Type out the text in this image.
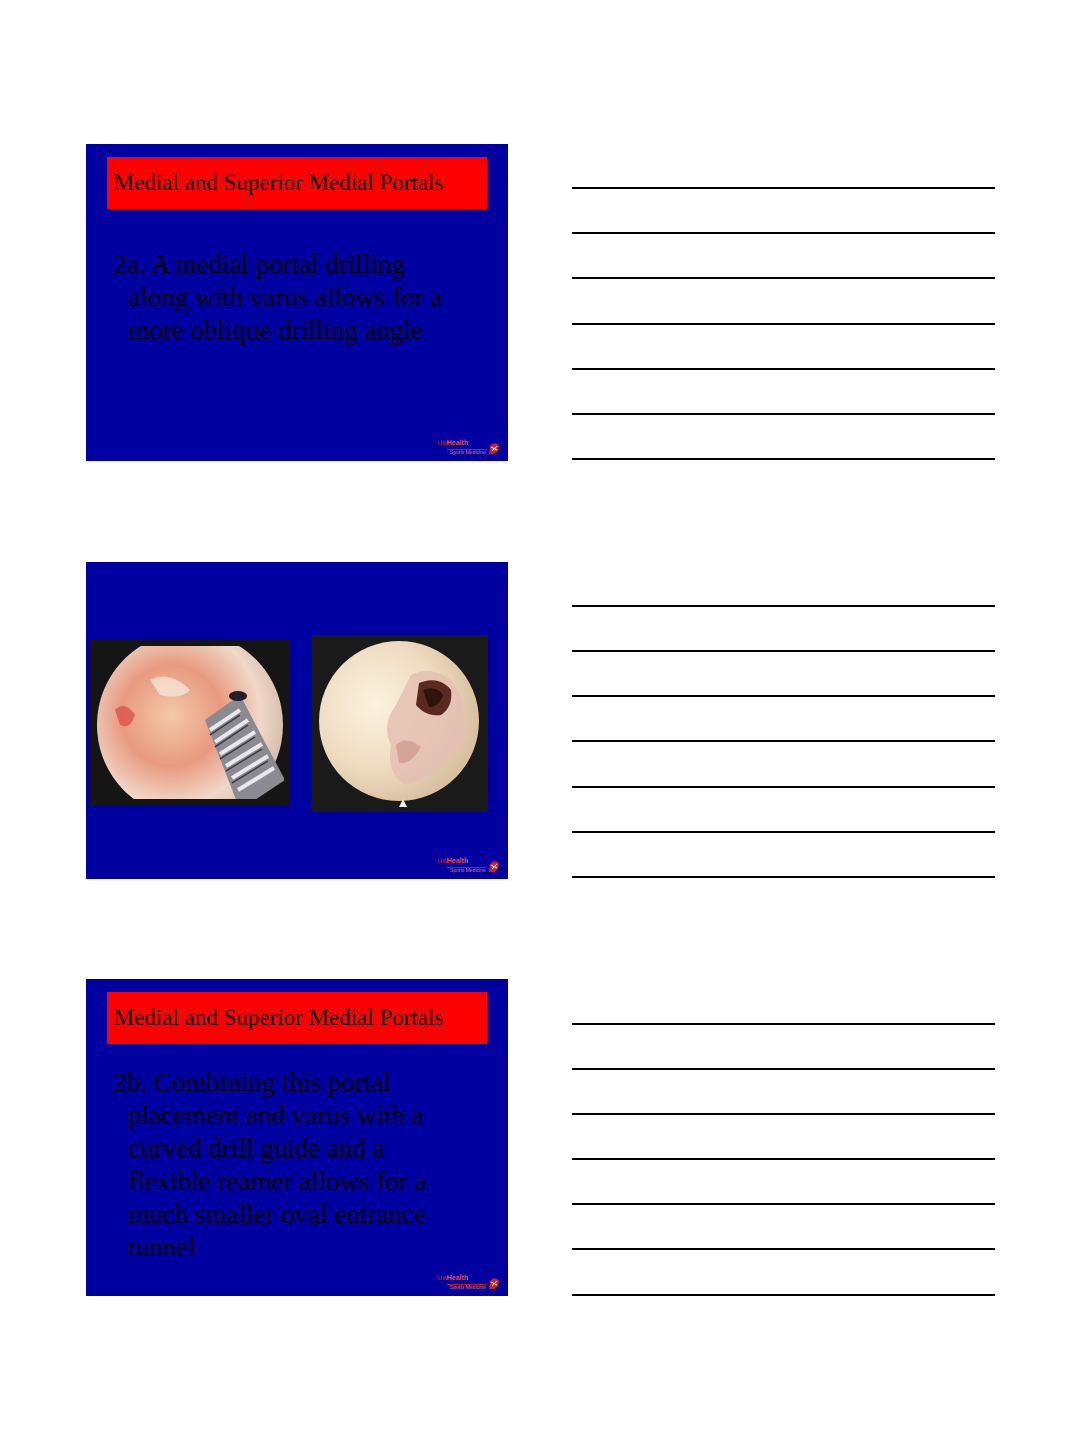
Medial and Superior Medial Portals

2a. A medial portal drilling along with varus allows for a more oblique drilling angle

UW Health
Sports Medicine
UW Health
Sports Medicine
Medial and Superior Medial Portals

2b. Combining this portal placement and varus with a curved drill guide and a flexible reamer allows for a much smaller oval entrance tunnel

UW Health
Sports Medicine
